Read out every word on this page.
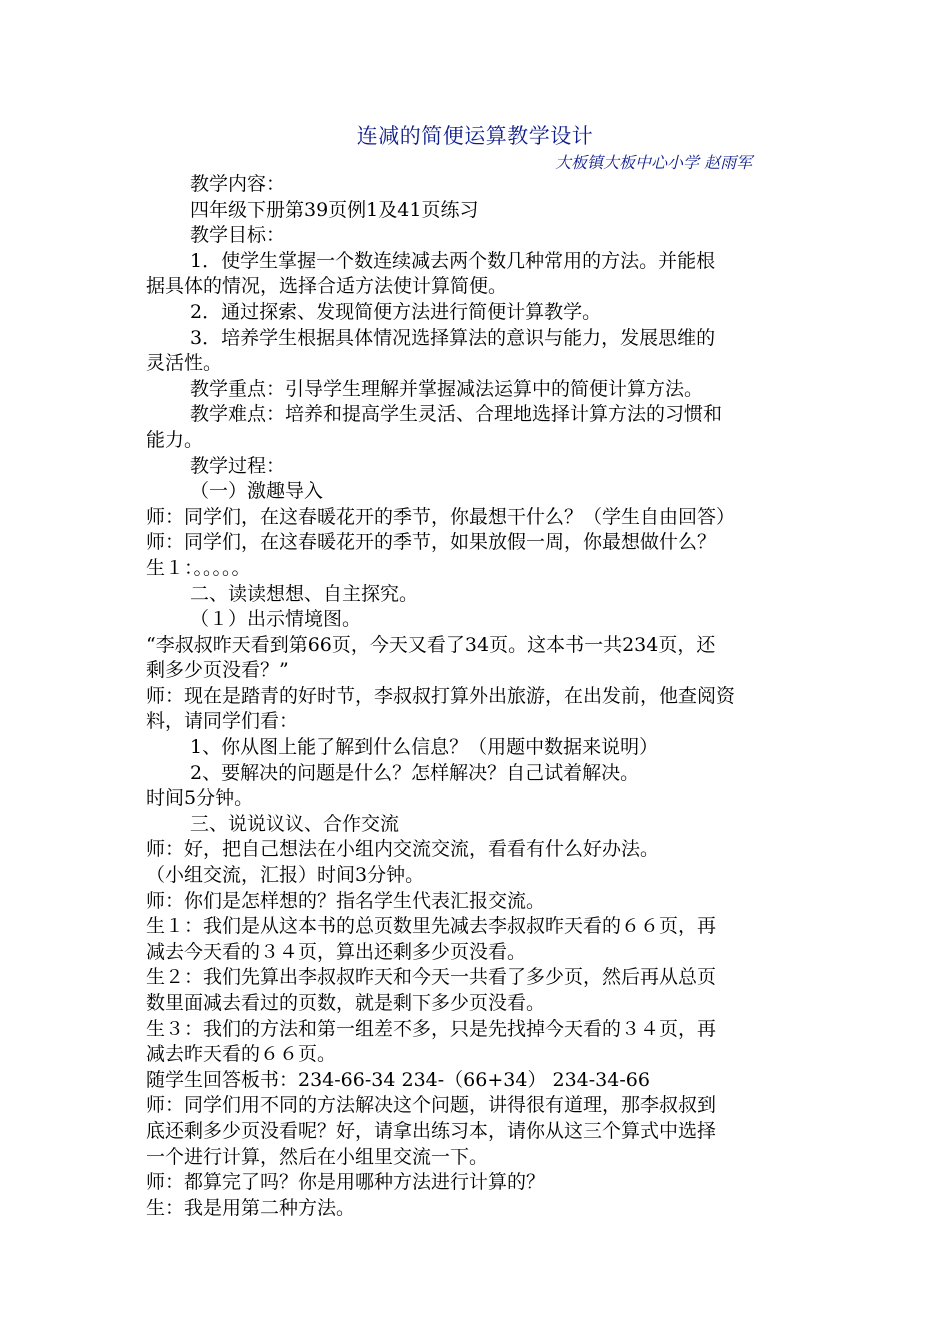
连减的简便运算教学设计
大板镇大板中心小学 赵雨军
教学内容：
四年级下册第39页例1及41页练习
教学目标：
1．使学生掌握一个数连续减去两个数几种常用的方法。并能根
据具体的情况，选择合适方法使计算简便。
2．通过探索、发现简便方法进行简便计算教学。
3．培养学生根据具体情况选择算法的意识与能力，发展思维的
灵活性。
教学重点：引导学生理解并掌握减法运算中的简便计算方法。
教学难点：培养和提高学生灵活、合理地选择计算方法的习惯和
能力。
教学过程：
（一）激趣导入
师：同学们，在这春暖花开的季节，你最想干什么？（学生自由回答）
师：同学们，在这春暖花开的季节，如果放假一周，你最想做什么？
生１：。。。。。
二、读读想想、自主探究。
（１）出示情境图。
“李叔叔昨天看到第66页，今天又看了34页。这本书一共234页，还
剩多少页没看？”
师：现在是踏青的好时节，李叔叔打算外出旅游，在出发前，他查阅资
料，请同学们看：
1、你从图上能了解到什么信息？（用题中数据来说明）
2、要解决的问题是什么？怎样解决？自己试着解决。
时间5分钟。
三、说说议议、合作交流
师：好，把自己想法在小组内交流交流，看看有什么好办法。
（小组交流，汇报）时间3分钟。
师：你们是怎样想的？指名学生代表汇报交流。
生１：我们是从这本书的总页数里先减去李叔叔昨天看的６６页，再
减去今天看的３４页，算出还剩多少页没看。
生２：我们先算出李叔叔昨天和今天一共看了多少页，然后再从总页
数里面减去看过的页数，就是剩下多少页没看。
生３：我们的方法和第一组差不多，只是先找掉今天看的３４页，再
减去昨天看的６６页。
随学生回答板书：234-66-34 234-（66+34） 234-34-66
师：同学们用不同的方法解决这个问题，讲得很有道理，那李叔叔到
底还剩多少页没看呢？好，请拿出练习本，请你从这三个算式中选择
一个进行计算，然后在小组里交流一下。
师：都算完了吗？你是用哪种方法进行计算的？
生：我是用第二种方法。
